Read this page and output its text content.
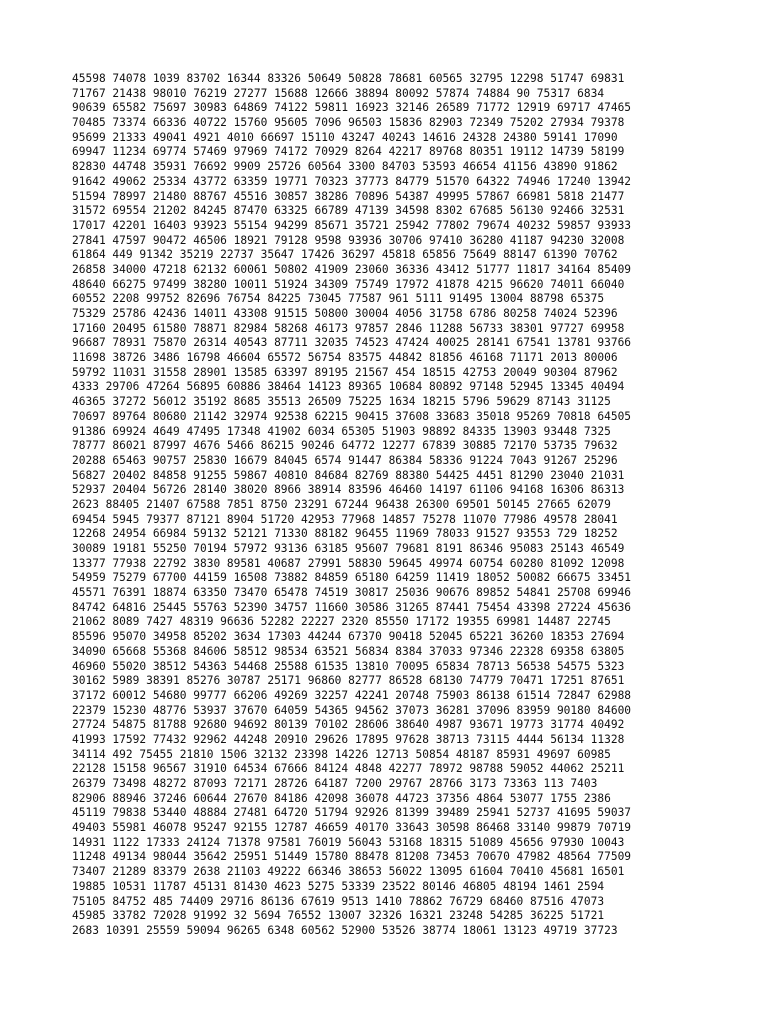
45598 74078 1039 83702 16344 83326 50649 50828 78681 60565 32795 12298 51747 69831
71767 21438 98010 76219 27277 15688 12666 38894 80092 57874 74884 90 75317 6834
90639 65582 75697 30983 64869 74122 59811 16923 32146 26589 71772 12919 69717 47465
70485 73374 66336 40722 15760 95605 7096 96503 15836 82903 72349 75202 27934 79378
95699 21333 49041 4921 4010 66697 15110 43247 40243 14616 24328 24380 59141 17090
69947 11234 69774 57469 97969 74172 70929 8264 42217 89768 80351 19112 14739 58199
82830 44748 35931 76692 9909 25726 60564 3300 84703 53593 46654 41156 43890 91862
91642 49062 25334 43772 63359 19771 70323 37773 84779 51570 64322 74946 17240 13942
51594 78997 21480 88767 45516 30857 38286 70896 54387 49995 57867 66981 5818 21477
31572 69554 21202 84245 87470 63325 66789 47139 34598 8302 67685 56130 92466 32531
17017 42201 16403 93923 55154 94299 85671 35721 25942 77802 79674 40232 59857 93933
27841 47597 90472 46506 18921 79128 9598 93936 30706 97410 36280 41187 94230 32008
61864 449 91342 35219 22737 35647 17426 36297 45818 65856 75649 88147 61390 70762
26858 34000 47218 62132 60061 50802 41909 23060 36336 43412 51777 11817 34164 85409
48640 66275 97499 38280 10011 51924 34309 75749 17972 41878 4215 96620 74011 66040
60552 2208 99752 82696 76754 84225 73045 77587 961 5111 91495 13004 88798 65375
75329 25786 42436 14011 43308 91515 50800 30004 4056 31758 6786 80258 74024 52396
17160 20495 61580 78871 82984 58268 46173 97857 2846 11288 56733 38301 97727 69958
96687 78931 75870 26314 40543 87711 32035 74523 47424 40025 28141 67541 13781 93766
11698 38726 3486 16798 46604 65572 56754 83575 44842 81856 46168 71171 2013 80006
59792 11031 31558 28901 13585 63397 89195 21567 454 18515 42753 20049 90304 87962
4333 29706 47264 56895 60886 38464 14123 89365 10684 80892 97148 52945 13345 40494
46365 37272 56012 35192 8685 35513 26509 75225 1634 18215 5796 59629 87143 31125
70697 89764 80680 21142 32974 92538 62215 90415 37608 33683 35018 95269 70818 64505
91386 69924 4649 47495 17348 41902 6034 65305 51903 98892 84335 13903 93448 7325
78777 86021 87997 4676 5466 86215 90246 64772 12277 67839 30885 72170 53735 79632
20288 65463 90757 25830 16679 84045 6574 91447 86384 58336 91224 7043 91267 25296
56827 20402 84858 91255 59867 40810 84684 82769 88380 54425 4451 81290 23040 21031
52937 20404 56726 28140 38020 8966 38914 83596 46460 14197 61106 94168 16306 86313
2623 88405 21407 67588 7851 8750 23291 67244 96438 26300 69501 50145 27665 62079
69454 5945 79377 87121 8904 51720 42953 77968 14857 75278 11070 77986 49578 28041
12268 24954 66984 59132 52121 71330 88182 96455 11969 78033 91527 93553 729 18252
30089 19181 55250 70194 57972 93136 63185 95607 79681 8191 86346 95083 25143 46549
13377 77938 22792 3830 89581 40687 27991 58830 59645 49974 60754 60280 81092 12098
54959 75279 67700 44159 16508 73882 84859 65180 64259 11419 18052 50082 66675 33451
45571 76391 18874 63350 73470 65478 74519 30817 25036 90676 89852 54841 25708 69946
84742 64816 25445 55763 52390 34757 11660 30586 31265 87441 75454 43398 27224 45636
21062 8089 7427 48319 96636 52282 22227 2320 85550 17172 19355 69981 14487 22745
85596 95070 34958 85202 3634 17303 44244 67370 90418 52045 65221 36260 18353 27694
34090 65668 55368 84606 58512 98534 63521 56834 8384 37033 97346 22328 69358 63805
46960 55020 38512 54363 54468 25588 61535 13810 70095 65834 78713 56538 54575 5323
30162 5989 38391 85276 30787 25171 96860 82777 86528 68130 74779 70471 17251 87651
37172 60012 54680 99777 66206 49269 32257 42241 20748 75903 86138 61514 72847 62988
22379 15230 48776 53937 37670 64059 54365 94562 37073 36281 37096 83959 90180 84600
27724 54875 81788 92680 94692 80139 70102 28606 38640 4987 93671 19773 31774 40492
41993 17592 77432 92962 44248 20910 29626 17895 97628 38713 73115 4444 56134 11328
34114 492 75455 21810 1506 32132 23398 14226 12713 50854 48187 85931 49697 60985
22128 15158 96567 31910 64534 67666 84124 4848 42277 78972 98788 59052 44062 25211
26379 73498 48272 87093 72171 28726 64187 7200 29767 28766 3173 73363 113 7403
82906 88946 37246 60644 27670 84186 42098 36078 44723 37356 4864 53077 1755 2386
45119 79838 53440 48884 27481 64720 51794 92926 81399 39489 25941 52737 41695 59037
49403 55981 46078 95247 92155 12787 46659 40170 33643 30598 86468 33140 99879 70719
14931 1122 17333 24124 71378 97581 76019 56043 53168 18315 51089 45656 97930 10043
11248 49134 98044 35642 25951 51449 15780 88478 81208 73453 70670 47982 48564 77509
73407 21289 83379 2638 21103 49222 66346 38653 56022 13095 61604 70410 45681 16501
19885 10531 11787 45131 81430 4623 5275 53339 23522 80146 46805 48194 1461 2594
75105 84752 485 74409 29716 86136 67619 9513 1410 78862 76729 68460 87516 47073
45985 33782 72028 91992 32 5694 76552 13007 32326 16321 23248 54285 36225 51721
2683 10391 25559 59094 96265 6348 60562 52900 53526 38774 18061 13123 49719 37723
